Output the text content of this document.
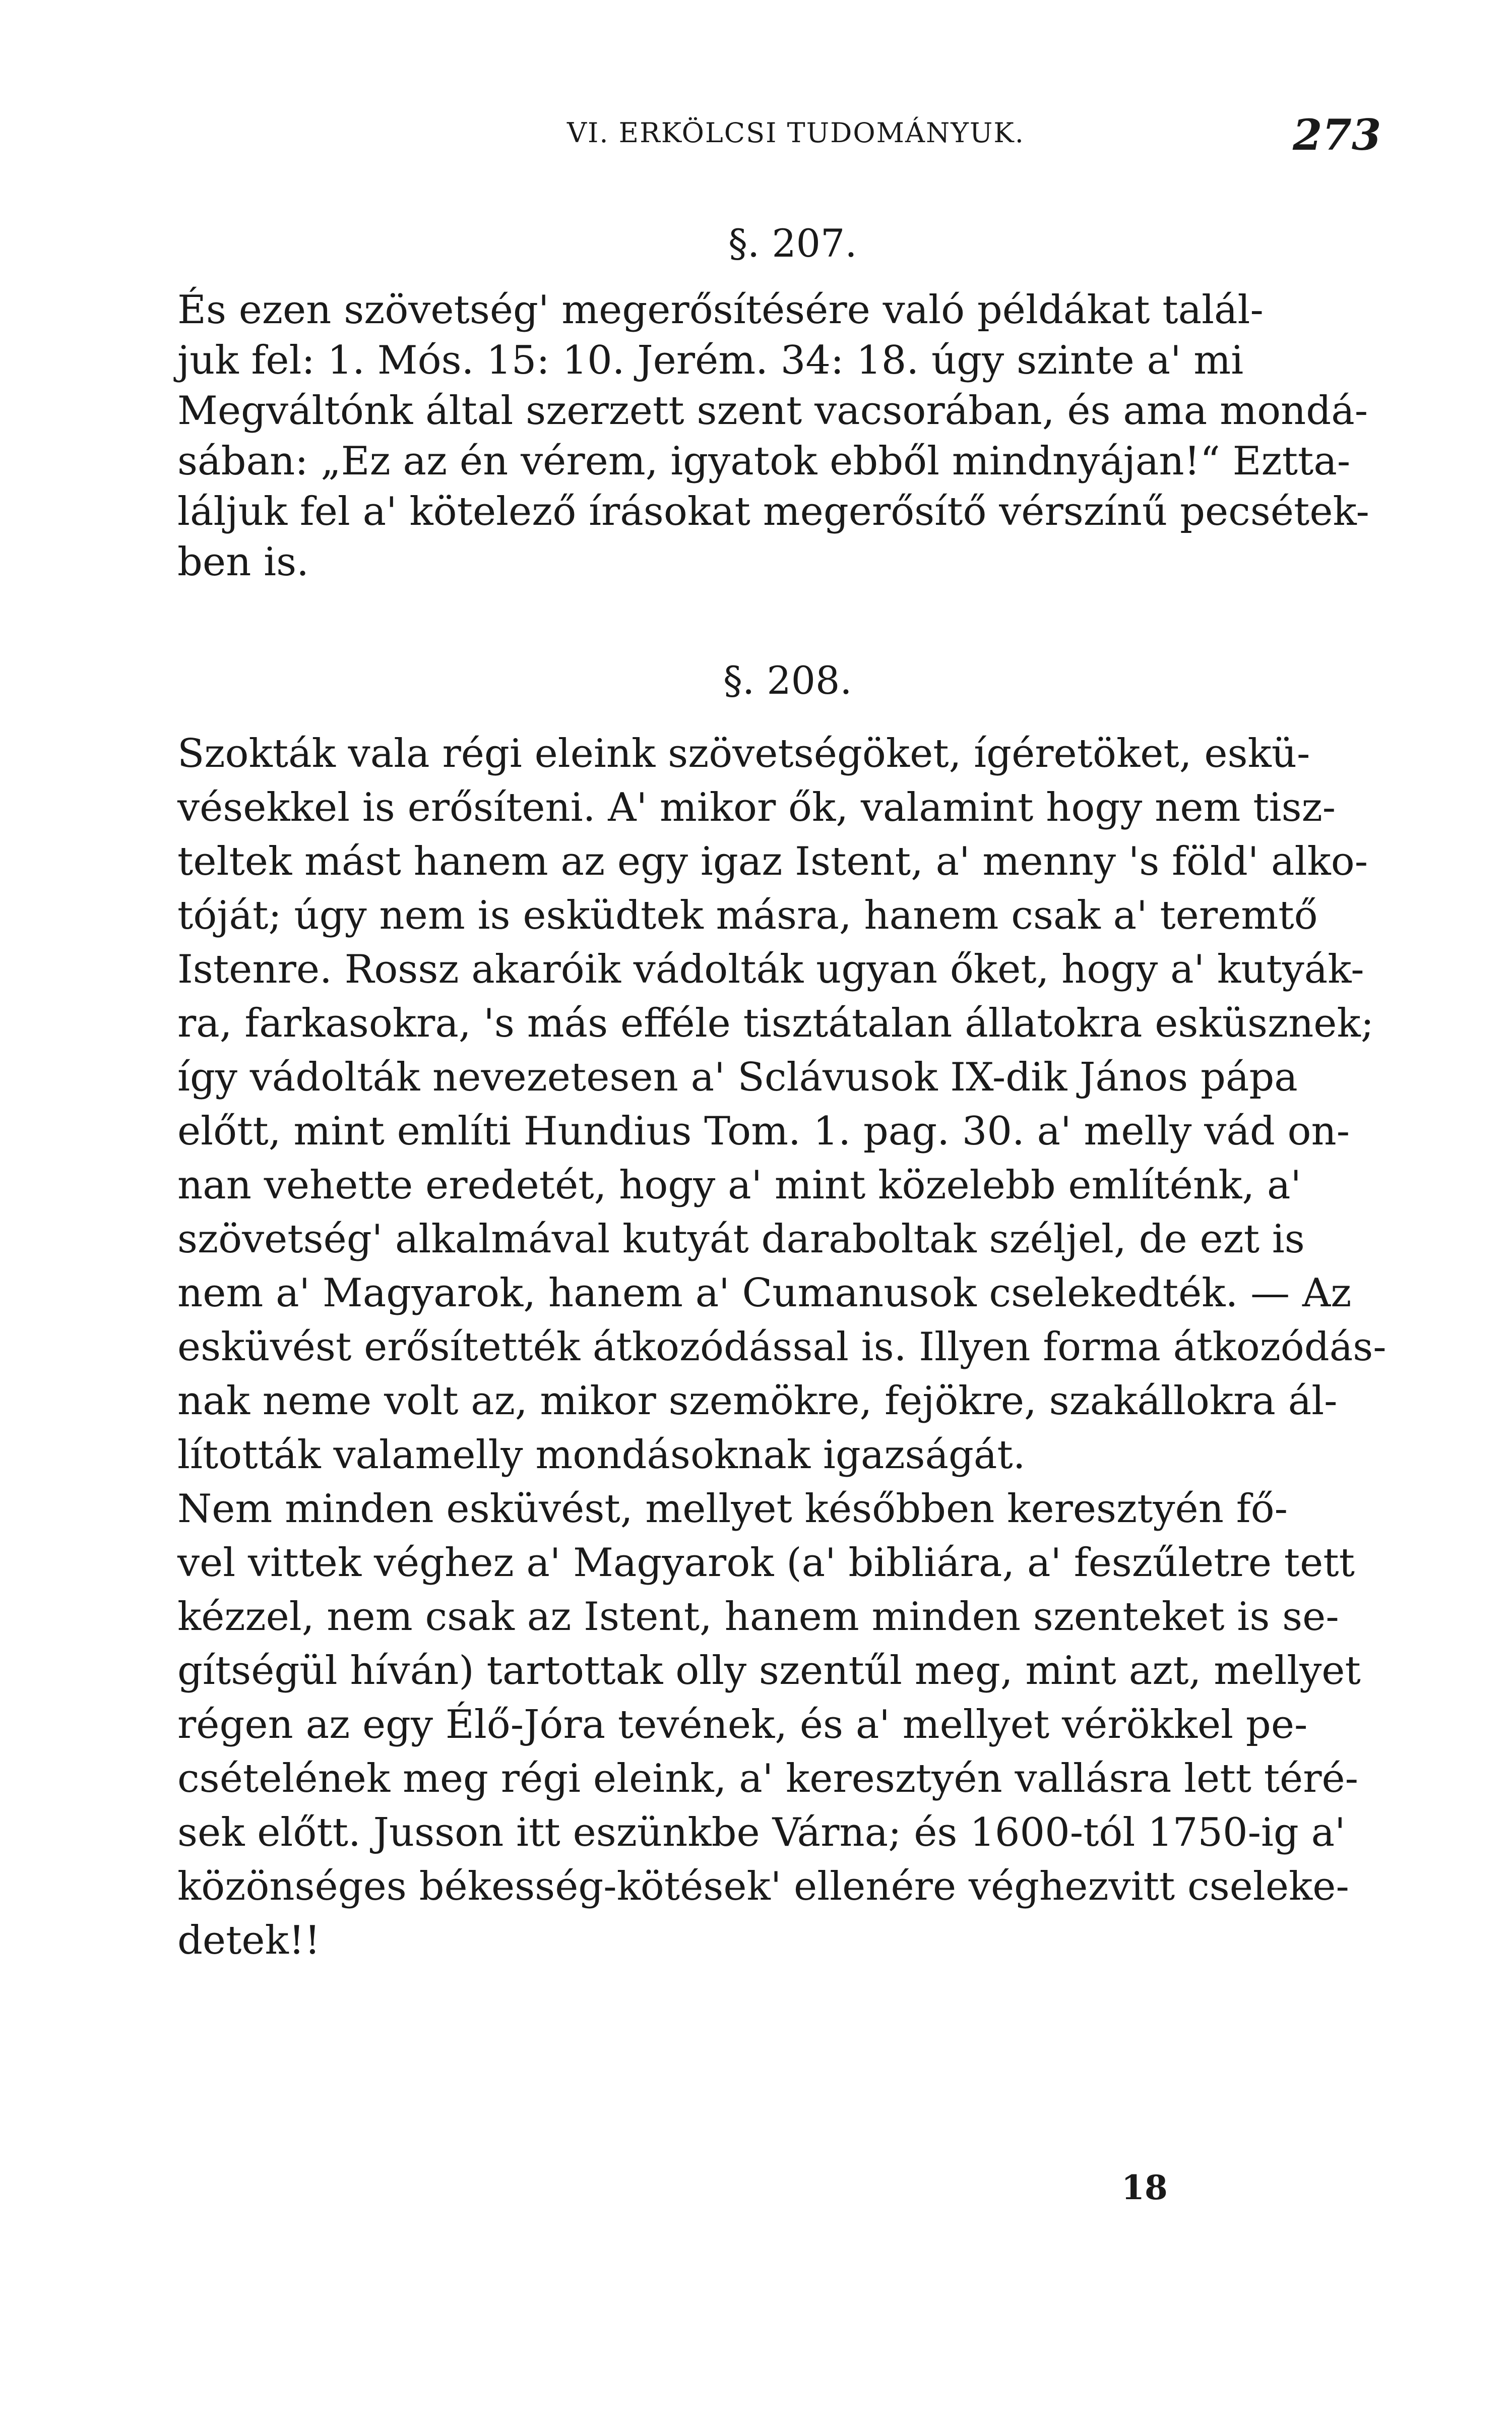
VI. ERKÖLCSI TUDOMÁNYUK.	273
§. 207.
És ezen szövetség' megerősítésére való példákat talál-
juk fel: 1. Mós. 15: 10. Jerém. 34: 18. úgy szinte a' mi
Megváltónk által szerzett szent vacsorában, és ama mondá-
sában: „Ez az én vérem, igyatok ebből mindnyájan!“ Eztta-
láljuk fel a' kötelező írásokat megerősítő vérszínű pecsétek-
ben is.
§. 208.
Szokták vala régi eleink szövetségöket, ígéretöket, eskü-
vésekkel is erősíteni. A' mikor ők, valamint hogy nem tisz-
teltek mást hanem az egy igaz Istent, a' menny 's föld' alko-
tóját; úgy nem is esküdtek másra, hanem csak a' teremtő
Istenre. Rossz akaróik vádolták ugyan őket, hogy a' kutyák-
ra, farkasokra, 's más efféle tisztátalan állatokra esküsznek;
így vádolták nevezetesen a' Sclávusok IX-dik János pápa
előtt, mint említi Hundius Tom. 1. pag. 30. a' melly vád on-
nan vehette eredetét, hogy a' mint közelebb említénk, a'
szövetség' alkalmával kutyát daraboltak széljel, de ezt is
nem a' Magyarok, hanem a' Cumanusok cselekedték. — Az
esküvést erősítették átkozódással is. Illyen forma átkozódás-
nak neme volt az, mikor szemökre, fejökre, szakállokra ál-
lították valamelly mondásoknak igazságát.
Nem minden esküvést, mellyet későbben keresztyén fő-
vel vittek véghez a' Magyarok (a' bibliára, a' feszűletre tett
kézzel, nem csak az Istent, hanem minden szenteket is se-
gítségül híván) tartottak olly szentűl meg, mint azt, mellyet
régen az egy Élő-Jóra tevének, és a' mellyet vérökkel pe-
csételének meg régi eleink, a' keresztyén vallásra lett téré-
sek előtt. Jusson itt eszünkbe Várna; és 1600-tól 1750-ig a'
közönséges békesség-kötések' ellenére véghezvitt cseleke-
detek!!
18
